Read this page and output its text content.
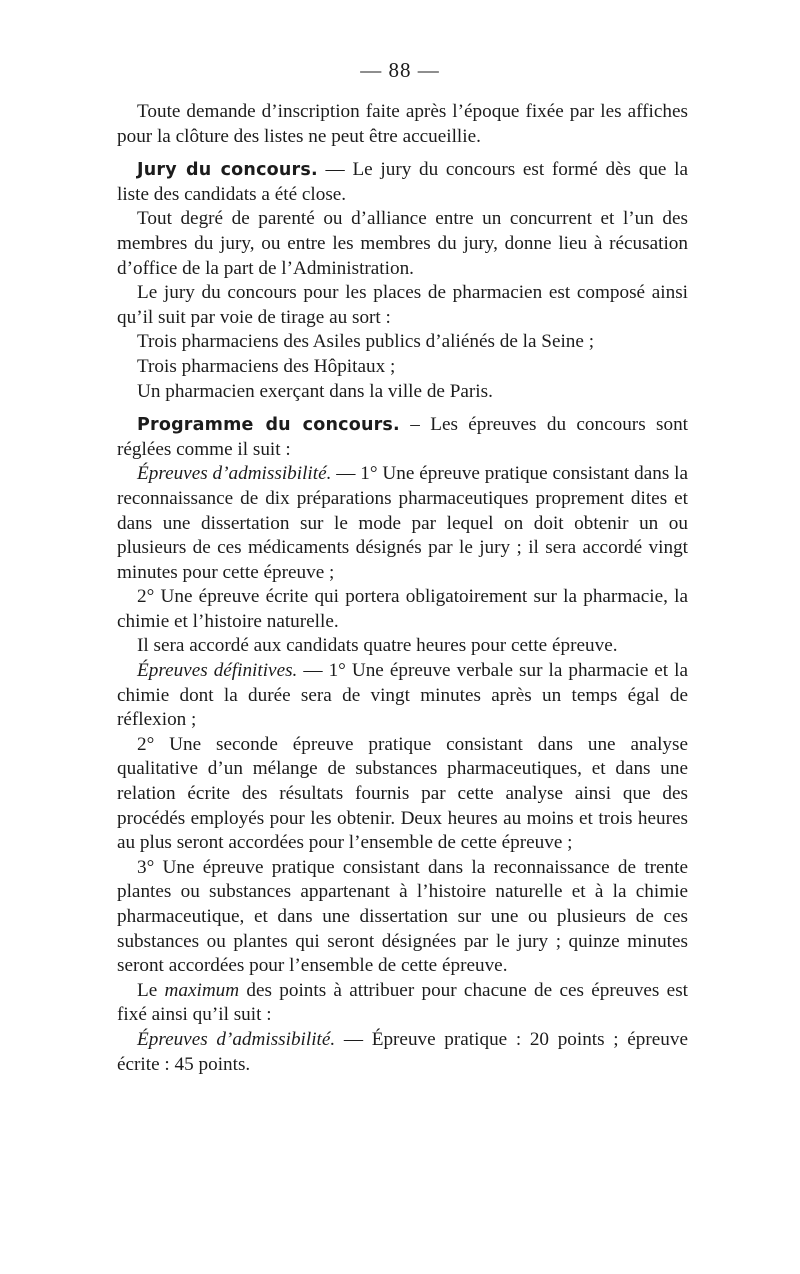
— 88 —

Toute demande d’inscription faite après l’époque fixée par les affiches pour la clôture des listes ne peut être accueillie.

Jury du concours. — Le jury du concours est formé dès que la liste des candidats a été close.

Tout degré de parenté ou d’alliance entre un concurrent et l’un des membres du jury, ou entre les membres du jury, donne lieu à récusation d’office de la part de l’Administration.

Le jury du concours pour les places de pharmacien est composé ainsi qu’il suit par voie de tirage au sort :

Trois pharmaciens des Asiles publics d’aliénés de la Seine ;

Trois pharmaciens des Hôpitaux ;

Un pharmacien exerçant dans la ville de Paris.

Programme du concours. – Les épreuves du concours sont réglées comme il suit :

Épreuves d’admissibilité. — 1° Une épreuve pratique consistant dans la reconnaissance de dix préparations pharmaceutiques proprement dites et dans une dissertation sur le mode par lequel on doit obtenir un ou plusieurs de ces médicaments désignés par le jury ; il sera accordé vingt minutes pour cette épreuve ;

2° Une épreuve écrite qui portera obligatoirement sur la pharmacie, la chimie et l’histoire naturelle.

Il sera accordé aux candidats quatre heures pour cette épreuve.

Épreuves définitives. — 1° Une épreuve verbale sur la pharmacie et la chimie dont la durée sera de vingt minutes après un temps égal de réflexion ;

2° Une seconde épreuve pratique consistant dans une analyse qualitative d’un mélange de substances pharmaceutiques, et dans une relation écrite des résultats fournis par cette analyse ainsi que des procédés employés pour les obtenir. Deux heures au moins et trois heures au plus seront accordées pour l’ensemble de cette épreuve ;

3° Une épreuve pratique consistant dans la reconnaissance de trente plantes ou substances appartenant à l’histoire naturelle et à la chimie pharmaceutique, et dans une dissertation sur une ou plusieurs de ces substances ou plantes qui seront désignées par le jury ; quinze minutes seront accordées pour l’ensemble de cette épreuve.

Le maximum des points à attribuer pour chacune de ces épreuves est fixé ainsi qu’il suit :

Épreuves d’admissibilité. — Épreuve pratique : 20 points ; épreuve écrite : 45 points.
